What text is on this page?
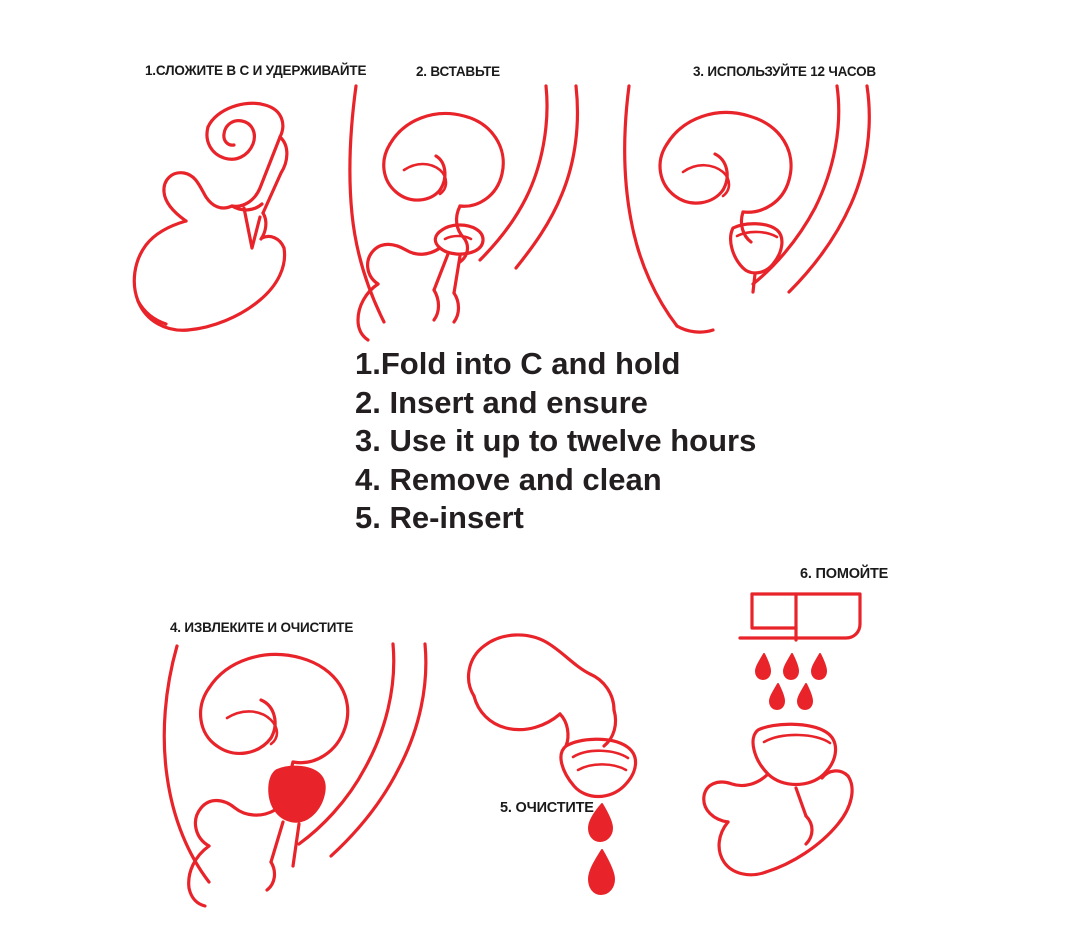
1.СЛОЖИТЕ В C И УДЕРЖИВАЙТЕ	2. ВСТАВЬТЕ	3. ИСПОЛЬЗУЙТЕ 12 ЧАСОВ
1.Fold into C and hold
2. Insert and ensure
3. Use it up to twelve hours
4. Remove and clean
5. Re-insert
4. ИЗВЛЕКИТЕ И ОЧИСТИТЕ
5. ОЧИСТИТЕ
6. ПОМОЙТЕ
